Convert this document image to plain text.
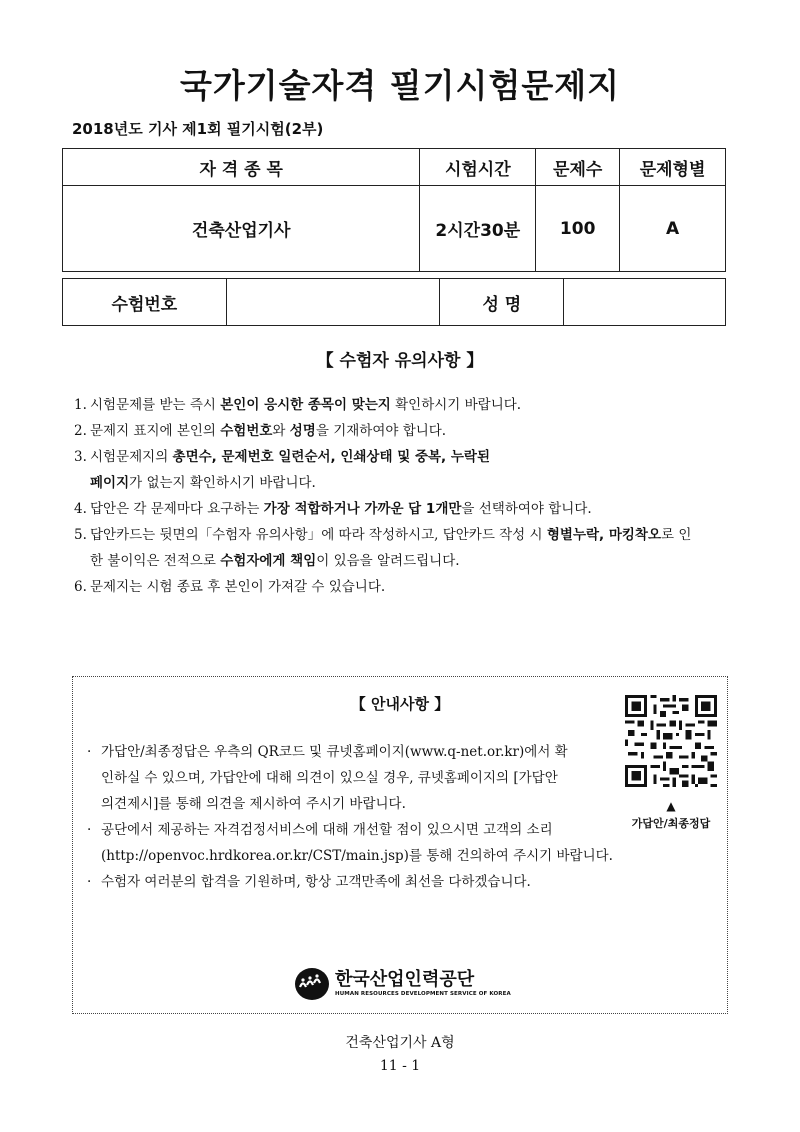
국가기술자격 필기시험문제지
2018년도 기사 제1회 필기시험(2부)
자 격 종 목	시험시간	문제수	문제형별
건축산업기사	2시간30분	100	A
수험번호		성 명	
【 수험자 유의사항 】
1. 시험문제를 받는 즉시 본인이 응시한 종목이 맞는지 확인하시기 바랍니다.
2. 문제지 표지에 본인의 수험번호와 성명을 기재하여야 합니다.
3. 시험문제지의 총면수, 문제번호 일련순서, 인쇄상태 및 중복, 누락된
페이지가 없는지 확인하시기 바랍니다.
4. 답안은 각 문제마다 요구하는 가장 적합하거나 가까운 답 1개만을 선택하여야 합니다.
5. 답안카드는 뒷면의「수험자 유의사항」에 따라 작성하시고, 답안카드 작성 시 형별누락, 마킹착오로 인한 불이익은 전적으로 수험자에게 책임이 있음을 알려드립니다.
6. 문제지는 시험 종료 후 본인이 가져갈 수 있습니다.
【 안내사항 】
▲
가답안/최종정답
· 가답안/최종정답은 우측의 QR코드 및 큐넷홈페이지(www.q-net.or.kr)에서 확인하실 수 있으며, 가답안에 대해 의견이 있으실 경우, 큐넷홈페이지의 [가답안 의견제시]를 통해 의견을 제시하여 주시기 바랍니다.
· 공단에서 제공하는 자격검정서비스에 대해 개선할 점이 있으시면 고객의 소리(http://openvoc.hrdkorea.or.kr/CST/main.jsp)를 통해 건의하여 주시기 바랍니다.
· 수험자 여러분의 합격을 기원하며, 항상 고객만족에 최선을 다하겠습니다.
한국산업인력공단
HUMAN RESOURCES DEVELOPMENT SERVICE OF KOREA
건축산업기사 A형
11 - 1
